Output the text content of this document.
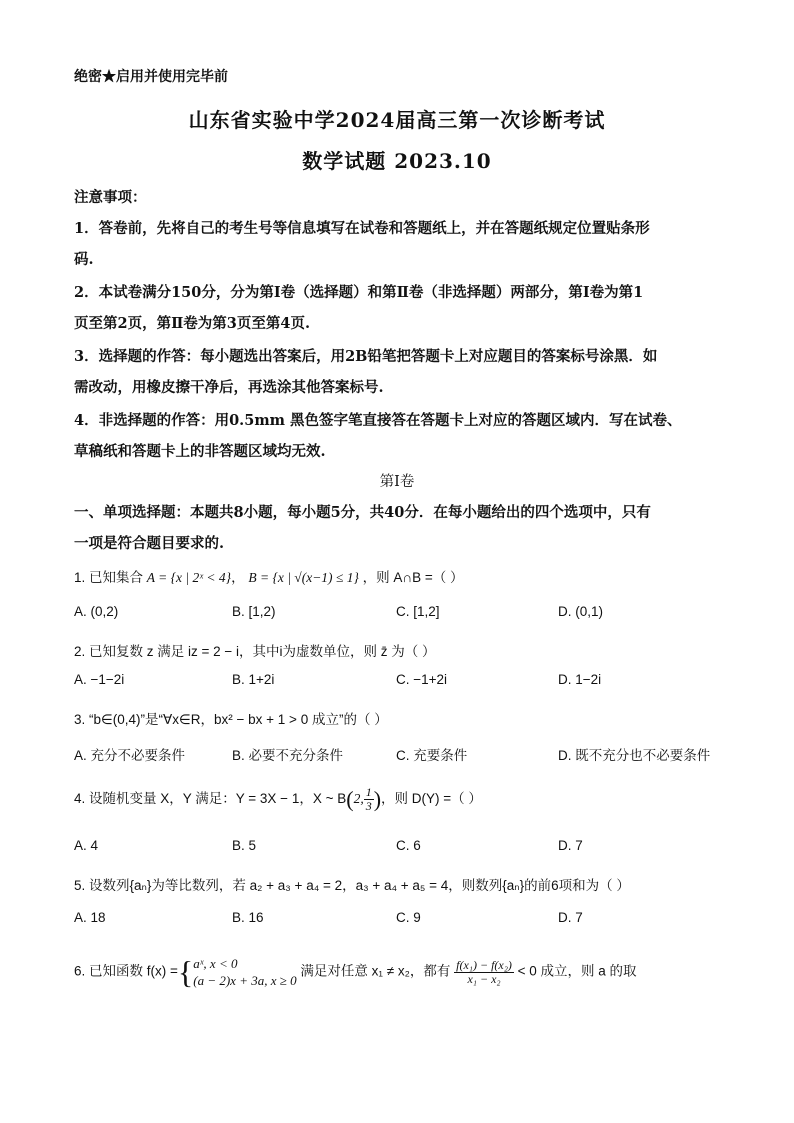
绝密★启用并使用完毕前
山东省实验中学2024届高三第一次诊断考试
数学试题 2023.10
注意事项：
1．答卷前，先将自己的考生号等信息填写在试卷和答题纸上，并在答题纸规定位置贴条形
码.
2．本试卷满分150分，分为第Ⅰ卷（选择题）和第Ⅱ卷（非选择题）两部分，第Ⅰ卷为第1
页至第2页，第Ⅱ卷为第3页至第4页.
3．选择题的作答：每小题选出答案后，用2B铅笔把答题卡上对应题目的答案标号涂黑．如
需改动，用橡皮擦干净后，再选涂其他答案标号.
4．非选择题的作答：用0.5mm 黑色签字笔直接答在答题卡上对应的答题区域内．写在试卷、
草稿纸和答题卡上的非答题区域均无效.
第Ⅰ卷
一、单项选择题：本题共8小题，每小题5分，共40分．在每小题给出的四个选项中，只有
一项是符合题目要求的.
1. 已知集合 A = {x | 2ˣ < 4}， B = {x | √(x−1) ≤ 1} ，则 A∩B =（ ）
A. (0,2)	B. [1,2)	C. [1,2]	D. (0,1)
2. 已知复数 z 满足 iz = 2 − i，其中i为虚数单位，则 z̄ 为（ ）
A. −1−2i	B. 1+2i	C. −1+2i	D. 1−2i
3. “b∈(0,4)”是“∀x∈R，bx² − bx + 1 > 0 成立”的（ ）
A. 充分不必要条件	B. 必要不充分条件	C. 充要条件	D. 既不充分也不必要条件
4. 设随机变量 X，Y 满足：Y = 3X − 1，X ~ B(2, $\frac{1}{3}$ )，则 D(Y) =（ ）
A. 4	B. 5	C. 6	D. 7
5. 设数列{aₙ}为等比数列，若 a₂ + a₃ + a₄ = 2，a₃ + a₄ + a₅ = 4，则数列{aₙ}的前6项和为（ ）
A. 18	B. 16	C. 9	D. 7
6. 已知函数 f(x) ={ aˣ, x < 0
(a − 2)x + 3a, x ≥ 0
满足对任意 x₁ ≠ x₂，都有 $\frac{\text{f(x₁) − f(x₂)}}{\text{x₁ − x₂}} < 0$ 成立，则 a 的取
